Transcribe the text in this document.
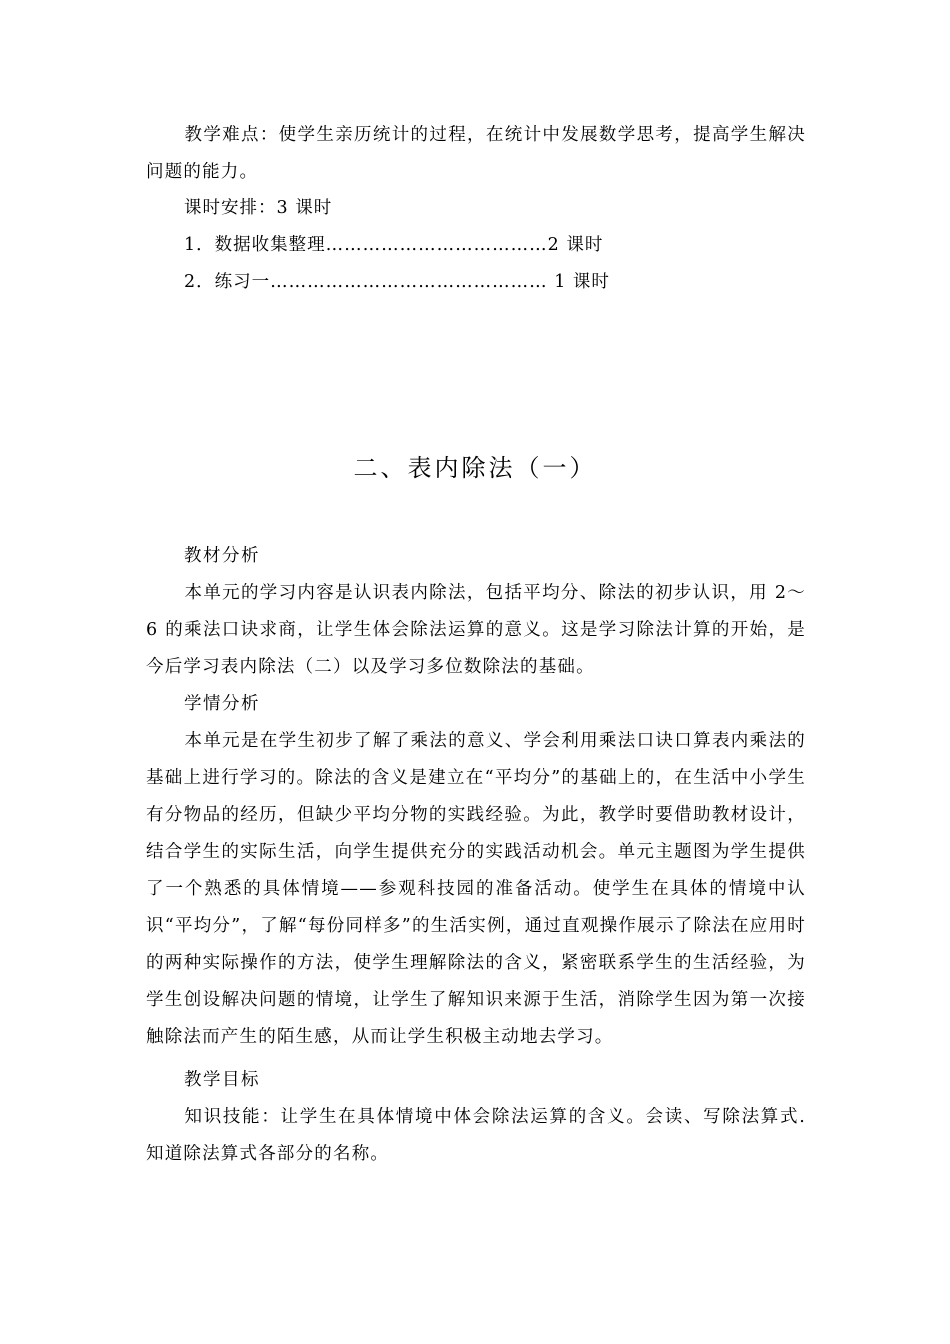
教学难点：使学生亲历统计的过程，在统计中发展数学思考，提高学生解决问题的能力。

课时安排：3 课时
1．数据收集整理………………………………2 课时
2．练习一……………………………………… 1 课时
二、表内除法（一）
教材分析

本单元的学习内容是认识表内除法，包括平均分、除法的初步认识，用 2～6 的乘法口诀求商，让学生体会除法运算的意义。这是学习除法计算的开始，是今后学习表内除法（二）以及学习多位数除法的基础。

学情分析

本单元是在学生初步了解了乘法的意义、学会利用乘法口诀口算表内乘法的基础上进行学习的。除法的含义是建立在“平均分”的基础上的，在生活中小学生有分物品的经历，但缺少平均分物的实践经验。为此，教学时要借助教材设计，结合学生的实际生活，向学生提供充分的实践活动机会。单元主题图为学生提供了一个熟悉的具体情境——参观科技园的准备活动。使学生在具体的情境中认识“平均分”，了解“每份同样多”的生活实例，通过直观操作展示了除法在应用时的两种实际操作的方法，使学生理解除法的含义，紧密联系学生的生活经验，为学生创设解决问题的情境，让学生了解知识来源于生活，消除学生因为第一次接触除法而产生的陌生感，从而让学生积极主动地去学习。

教学目标

知识技能：让学生在具体情境中体会除法运算的含义。会读、写除法算式.知道除法算式各部分的名称。
